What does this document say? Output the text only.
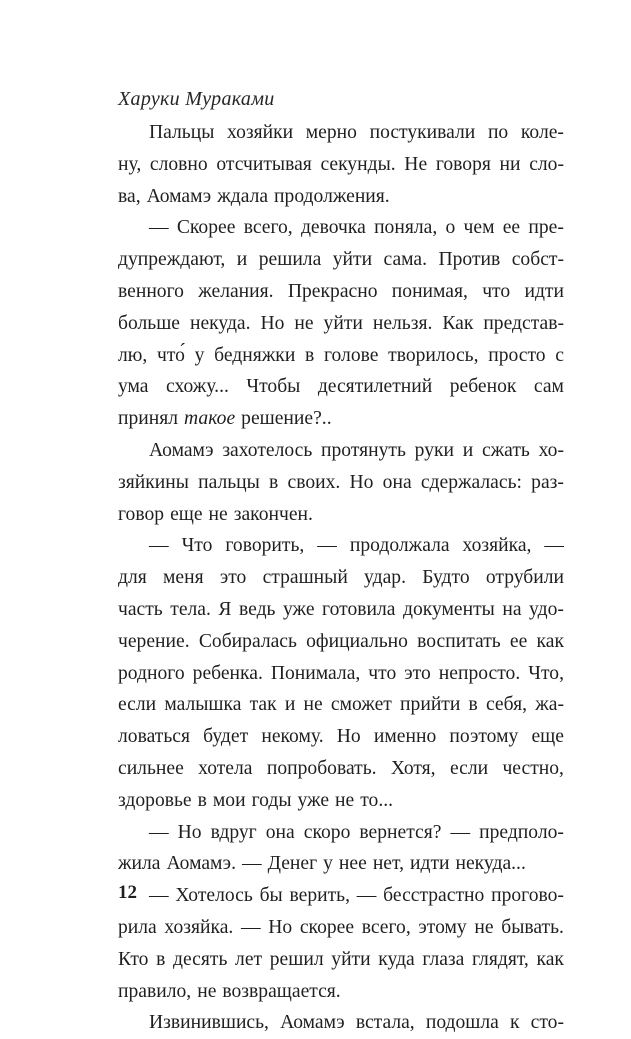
Харуки Мураками
Пальцы хозяйки мерно постукивали по коле-
ну, словно отсчитывая секунды. Не говоря ни сло-
ва, Аомамэ ждала продолжения.
— Скорее всего, девочка поняла, о чем ее пре-
дупреждают, и решила уйти сама. Против собст-
венного желания. Прекрасно понимая, что идти
больше некуда. Но не уйти нельзя. Как представ-
лю, что́ у бедняжки в голове творилось, просто с
ума схожу... Чтобы десятилетний ребенок сам
принял такое решение?..
Аомамэ захотелось протянуть руки и сжать хо-
зяйкины пальцы в своих. Но она сдержалась: раз-
говор еще не закончен.
— Что говорить, — продолжала хозяйка, —
для меня это страшный удар. Будто отрубили
часть тела. Я ведь уже готовила документы на удо-
черение. Собиралась официально воспитать ее как
родного ребенка. Понимала, что это непросто. Что,
если малышка так и не сможет прийти в себя, жа-
ловаться будет некому. Но именно поэтому еще
сильнее хотела попробовать. Хотя, если честно,
здоровье в мои годы уже не то...
— Но вдруг она скоро вернется? — предполо-
жила Аомамэ. — Денег у нее нет, идти некуда...
— Хотелось бы верить, — бесстрастно прогово-
рила хозяйка. — Но скорее всего, этому не бывать.
Кто в десять лет решил уйти куда глаза глядят, как
правило, не возвращается.
Извинившись, Аомамэ встала, подошла к сто-
12
